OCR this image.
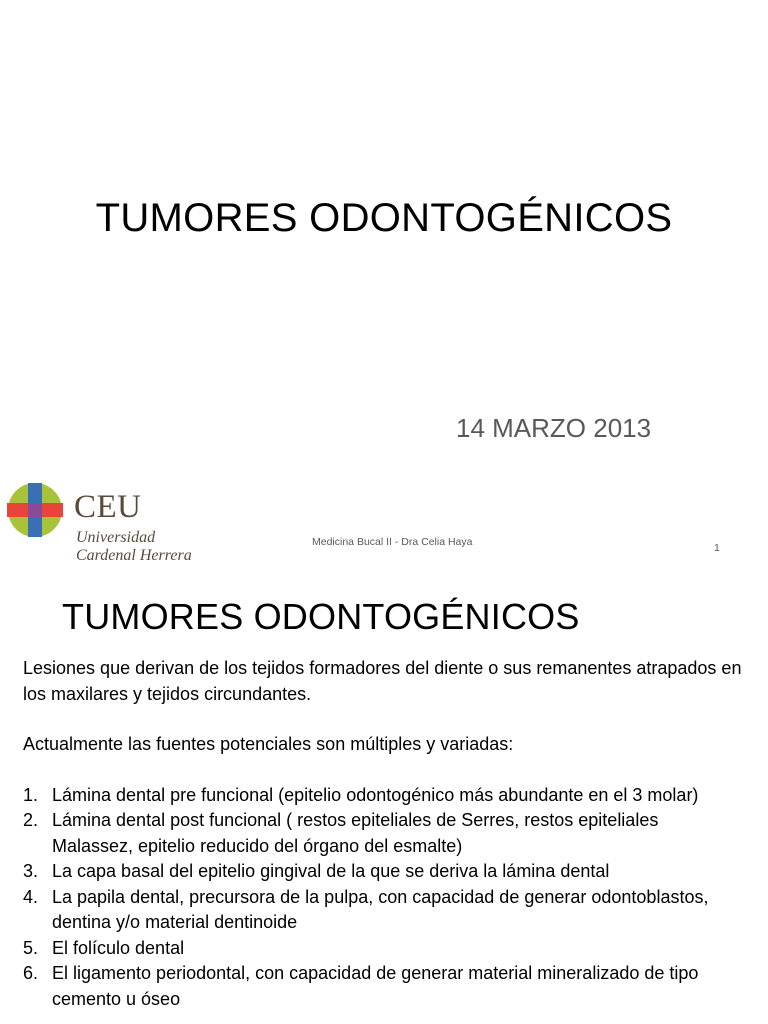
TUMORES ODONTOGÉNICOS
14 MARZO 2013
CEU
Universidad
Cardenal Herrera
Medicina Bucal II - Dra Celia Haya	1
TUMORES ODONTOGÉNICOS

Lesiones que derivan de los tejidos formadores del diente o sus remanentes atrapados en los maxilares y tejidos circundantes.

Actualmente las fuentes potenciales son múltiples y variadas:

1. Lámina dental pre funcional (epitelio odontogénico más abundante en el 3 molar)
2. Lámina dental post funcional ( restos epiteliales de Serres, restos epiteliales Malassez, epitelio reducido del órgano del esmalte)
3. La capa basal del epitelio gingival de la que se deriva la lámina dental
4. La papila dental, precursora de la pulpa, con capacidad de generar odontoblastos, dentina y/o material dentinoide
5. El folículo dental
6. El ligamento periodontal, con capacidad de generar material mineralizado de tipo cemento u óseo
